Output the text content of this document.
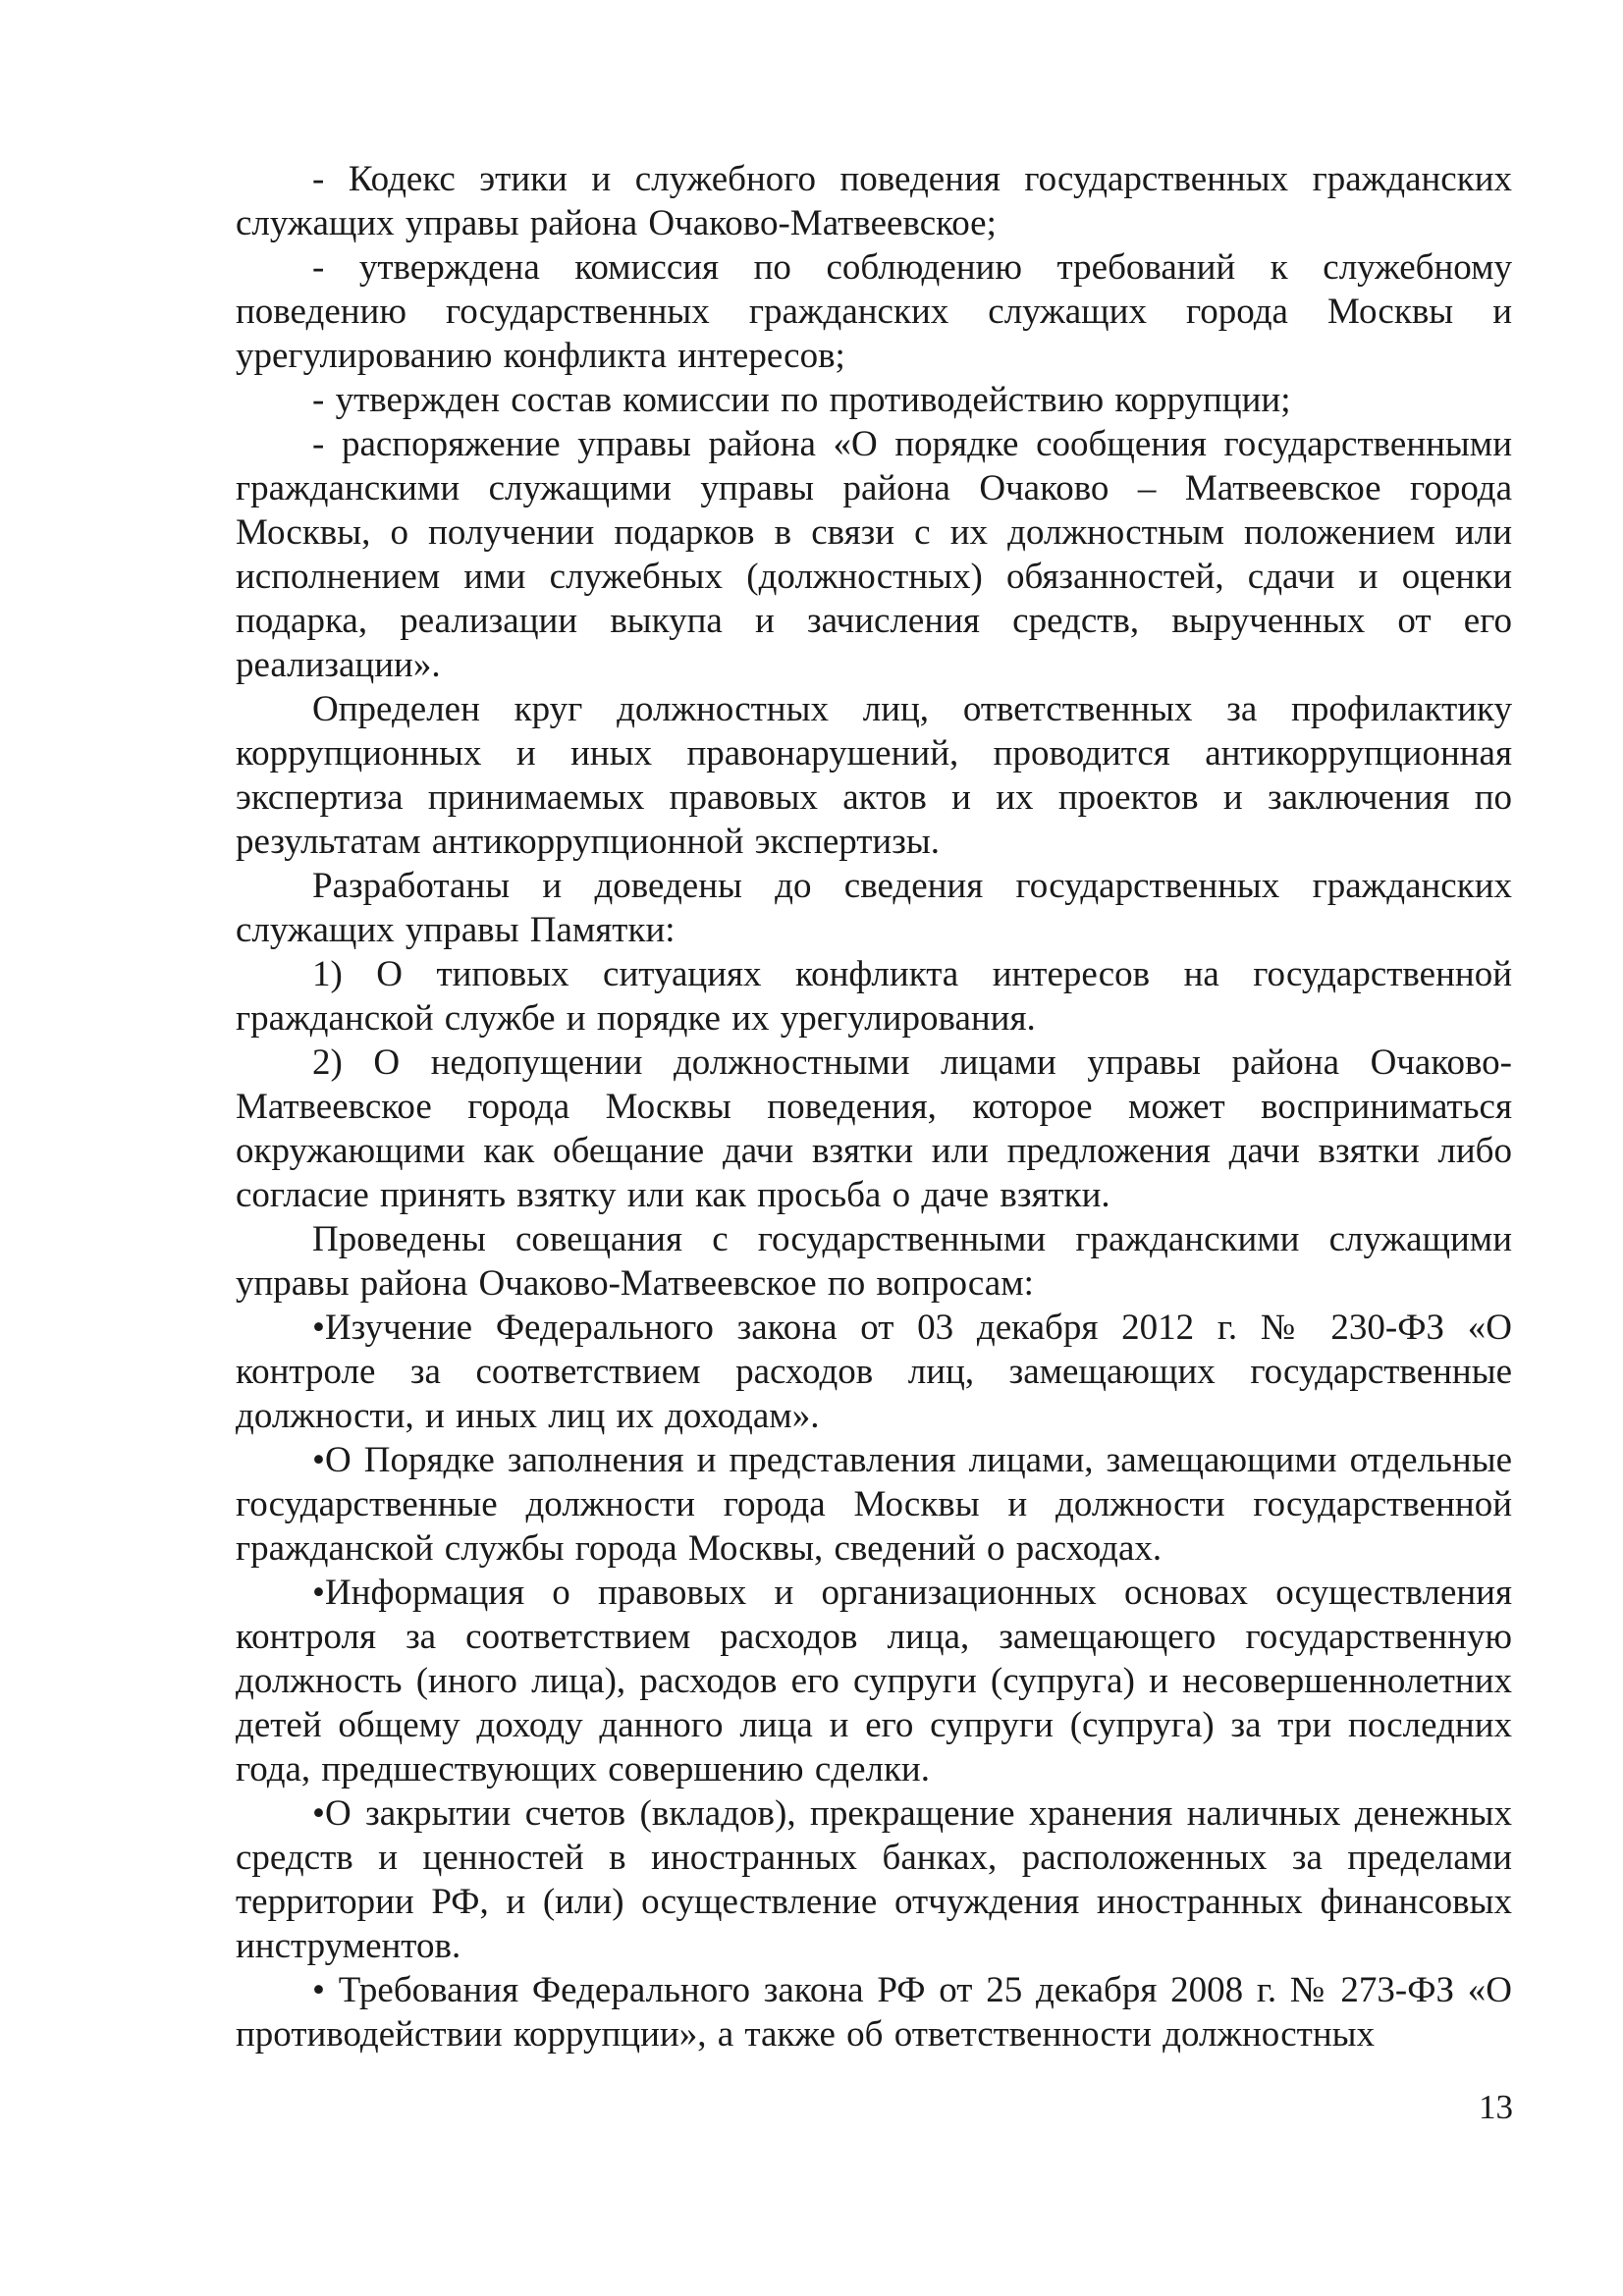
- Кодекс этики и служебного поведения государственных гражданских служащих управы района Очаково-Матвеевское;

- утверждена комиссия по соблюдению требований к служебному поведению государственных гражданских служащих города Москвы и урегулированию конфликта интересов;

- утвержден состав комиссии по противодействию коррупции;

- распоряжение управы района «О порядке сообщения государственными гражданскими служащими управы района Очаково – Матвеевское города Москвы, о получении подарков в связи с их должностным положением или исполнением ими служебных (должностных) обязанностей, сдачи и оценки подарка, реализации выкупа и зачисления средств, вырученных от его реализации».

Определен круг должностных лиц, ответственных за профилактику коррупционных и иных правонарушений, проводится антикоррупционная экспертиза принимаемых правовых актов и их проектов и заключения по результатам антикоррупционной экспертизы.

Разработаны и доведены до сведения государственных гражданских служащих управы Памятки:

1) О типовых ситуациях конфликта интересов на государственной гражданской службе и порядке их урегулирования.

2) О недопущении должностными лицами управы района Очаково-Матвеевское города Москвы поведения, которое может восприниматься окружающими как обещание дачи взятки или предложения дачи взятки либо согласие принять взятку или как просьба о даче взятки.

Проведены совещания с государственными гражданскими служащими управы района Очаково-Матвеевское по вопросам:

•Изучение Федерального закона от 03 декабря 2012 г. № 230-ФЗ «О контроле за соответствием расходов лиц, замещающих государственные должности, и иных лиц их доходам».

•О Порядке заполнения и представления лицами, замещающими отдельные государственные должности города Москвы и должности государственной гражданской службы города Москвы, сведений о расходах.

•Информация о правовых и организационных основах осуществления контроля за соответствием расходов лица, замещающего государственную должность (иного лица), расходов его супруги (супруга) и несовершеннолетних детей общему доходу данного лица и его супруги (супруга) за три последних года, предшествующих совершению сделки.

•О закрытии счетов (вкладов), прекращение хранения наличных денежных средств и ценностей в иностранных банках, расположенных за пределами территории РФ, и (или) осуществление отчуждения иностранных финансовых инструментов.

• Требования Федерального закона РФ от 25 декабря 2008 г. № 273-ФЗ «О противодействии коррупции», а также об ответственности должностных

13
